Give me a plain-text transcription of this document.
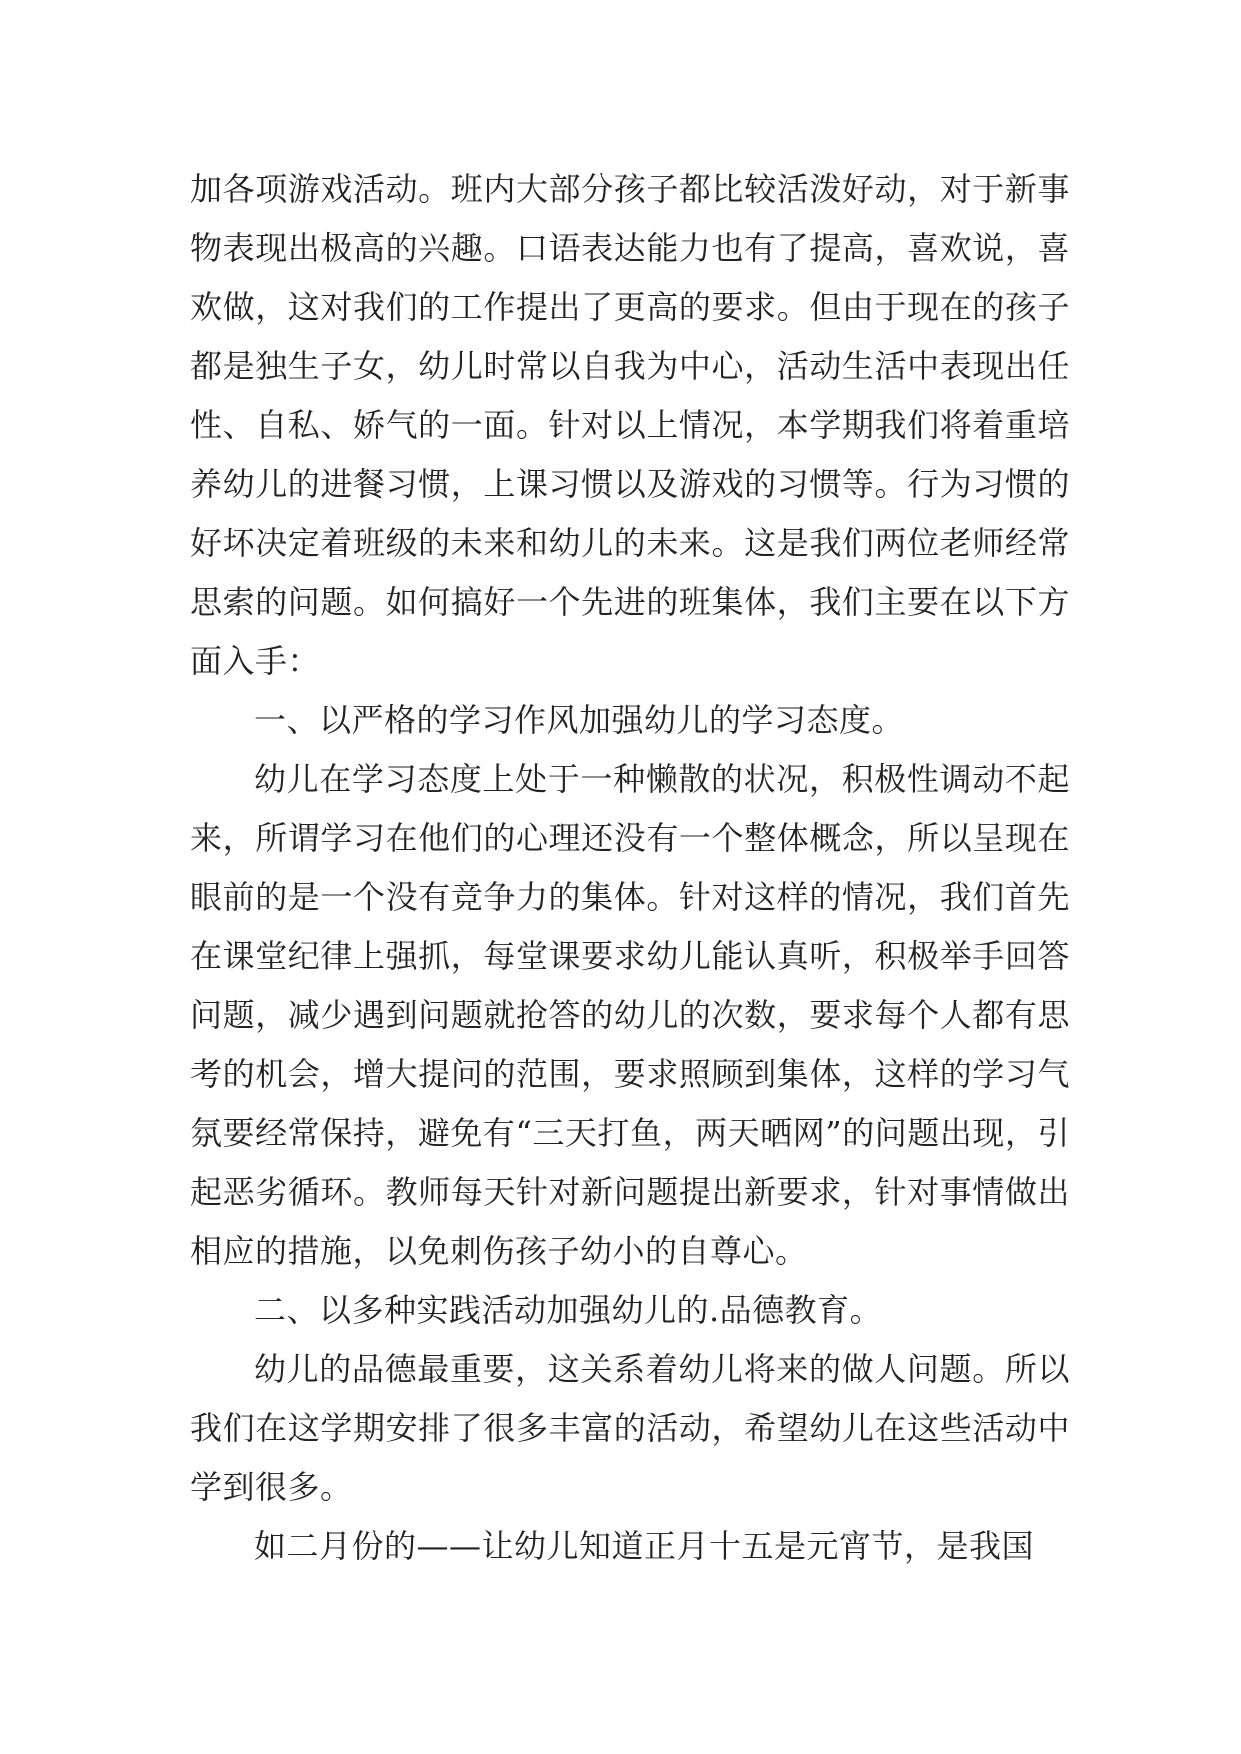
加各项游戏活动。班内大部分孩子都比较活泼好动，对于新事物表现出极高的兴趣。口语表达能力也有了提高，喜欢说，喜欢做，这对我们的工作提出了更高的要求。但由于现在的孩子都是独生子女，幼儿时常以自我为中心，活动生活中表现出任性、自私、娇气的一面。针对以上情况，本学期我们将着重培养幼儿的进餐习惯，上课习惯以及游戏的习惯等。行为习惯的好坏决定着班级的未来和幼儿的未来。这是我们两位老师经常思索的问题。如何搞好一个先进的班集体，我们主要在以下方面入手：

一、以严格的学习作风加强幼儿的学习态度。

幼儿在学习态度上处于一种懒散的状况，积极性调动不起来，所谓学习在他们的心理还没有一个整体概念，所以呈现在眼前的是一个没有竞争力的集体。针对这样的情况，我们首先在课堂纪律上强抓，每堂课要求幼儿能认真听，积极举手回答问题，减少遇到问题就抢答的幼儿的次数，要求每个人都有思考的机会，增大提问的范围，要求照顾到集体，这样的学习气氛要经常保持，避免有“三天打鱼，两天晒网”的问题出现，引起恶劣循环。教师每天针对新问题提出新要求，针对事情做出相应的措施，以免刺伤孩子幼小的自尊心。

二、以多种实践活动加强幼儿的.品德教育。

幼儿的品德最重要，这关系着幼儿将来的做人问题。所以我们在这学期安排了很多丰富的活动，希望幼儿在这些活动中学到很多。

如二月份的——让幼儿知道正月十五是元宵节，是我国
